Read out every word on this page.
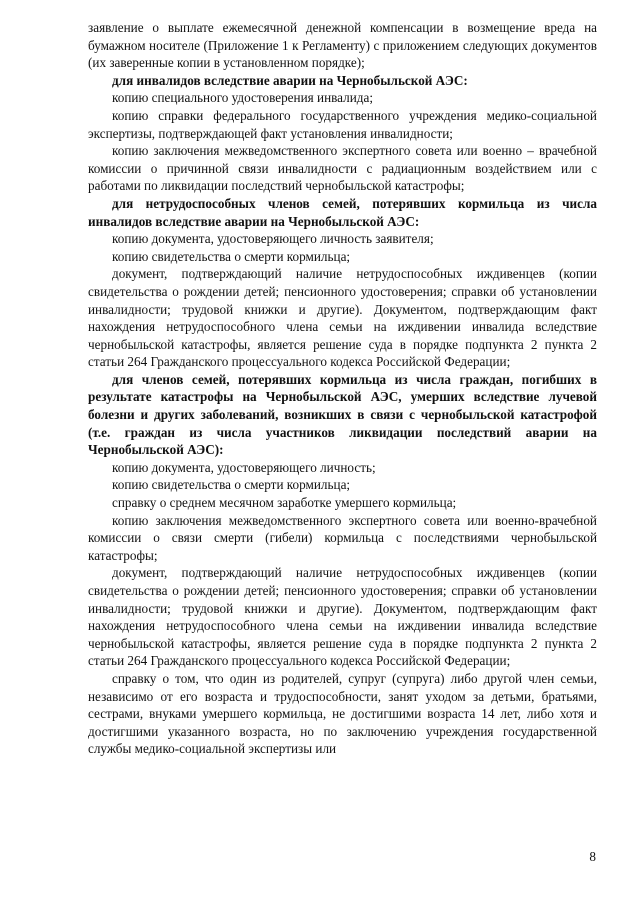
заявление о выплате ежемесячной денежной компенсации в возмещение вреда на бумажном носителе (Приложение 1 к Регламенту) с приложением следующих документов (их заверенные копии в установленном порядке);

для инвалидов вследствие аварии на Чернобыльской АЭС:

копию специального удостоверения инвалида;

копию справки федерального государственного учреждения медико-социальной экспертизы, подтверждающей факт установления инвалидности;

копию заключения межведомственного экспертного совета или военно – врачебной комиссии о причинной связи инвалидности с радиационным воздействием или с работами по ликвидации последствий чернобыльской катастрофы;

для нетрудоспособных членов семей, потерявших кормильца из числа инвалидов вследствие аварии на Чернобыльской АЭС:

копию документа, удостоверяющего личность заявителя;

копию свидетельства о смерти кормильца;

документ, подтверждающий наличие нетрудоспособных иждивенцев (копии свидетельства о рождении детей; пенсионного удостоверения; справки об установлении инвалидности; трудовой книжки и другие). Документом, подтверждающим факт нахождения нетрудоспособного члена семьи на иждивении инвалида вследствие чернобыльской катастрофы, является решение суда в порядке подпункта 2 пункта 2 статьи 264 Гражданского процессуального кодекса Российской Федерации;

для членов семей, потерявших кормильца из числа граждан, погибших в результате катастрофы на Чернобыльской АЭС, умерших вследствие лучевой болезни и других заболеваний, возникших в связи с чернобыльской катастрофой (т.е. граждан из числа участников ликвидации последствий аварии на Чернобыльской АЭС):

копию документа, удостоверяющего личность;

копию свидетельства о смерти кормильца;

справку о среднем месячном заработке умершего кормильца;

копию заключения межведомственного экспертного совета или военно-врачебной комиссии о связи смерти (гибели) кормильца с последствиями чернобыльской катастрофы;

документ, подтверждающий наличие нетрудоспособных иждивенцев (копии свидетельства о рождении детей; пенсионного удостоверения; справки об установлении инвалидности; трудовой книжки и другие). Документом, подтверждающим факт нахождения нетрудоспособного члена семьи на иждивении инвалида вследствие чернобыльской катастрофы, является решение суда в порядке подпункта 2 пункта 2 статьи 264 Гражданского процессуального кодекса Российской Федерации;

справку о том, что один из родителей, супруг (супруга) либо другой член семьи, независимо от его возраста и трудоспособности, занят уходом за детьми, братьями, сестрами, внуками умершего кормильца, не достигшими возраста 14 лет, либо хотя и достигшими указанного возраста, но по заключению учреждения государственной службы медико-социальной экспертизы или

8
